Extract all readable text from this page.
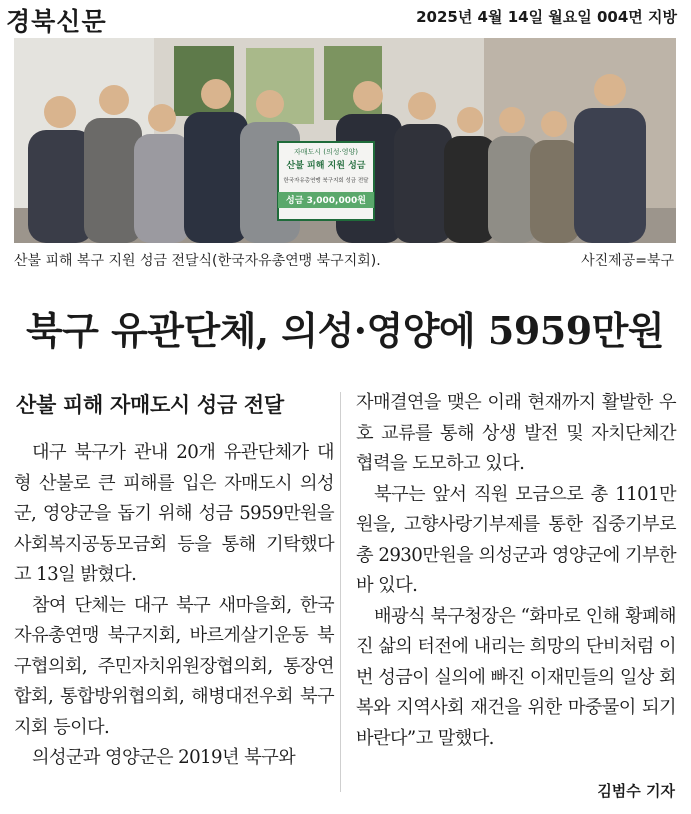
경북신문	2025년 4월 14일 월요일 004면 지방
자매도시 (의성·영양)
산불 피해 지원 성금
한국자유총연맹 북구지회 성금 전달
성금 3,000,000원
산불 피해 복구 지원 성금 전달식(한국자유총연맹 북구지회).	사진제공=북구
북구 유관단체, 의성·영양에 5959만원
산불 피해 자매도시 성금 전달

대구 북구가 관내 20개 유관단체가 대형 산불로 큰 피해를 입은 자매도시 의성군, 영양군을 돕기 위해 성금 5959만원을 사회복지공동모금회 등을 통해 기탁했다고 13일 밝혔다.

참여 단체는 대구 북구 새마을회, 한국자유총연맹 북구지회, 바르게살기운동 북구협의회, 주민자치위원장협의회, 통장연합회, 통합방위협의회, 해병대전우회 북구지회 등이다.

의성군과 영양군은 2019년 북구와

자매결연을 맺은 이래 현재까지 활발한 우호 교류를 통해 상생 발전 및 자치단체간 협력을 도모하고 있다.

북구는 앞서 직원 모금으로 총 1101만원을, 고향사랑기부제를 통한 집중기부로 총 2930만원을 의성군과 영양군에 기부한 바 있다.

배광식 북구청장은 “화마로 인해 황폐해진 삶의 터전에 내리는 희망의 단비처럼 이번 성금이 실의에 빠진 이재민들의 일상 회복와 지역사회 재건을 위한 마중물이 되기 바란다”고 말했다.

김범수 기자
